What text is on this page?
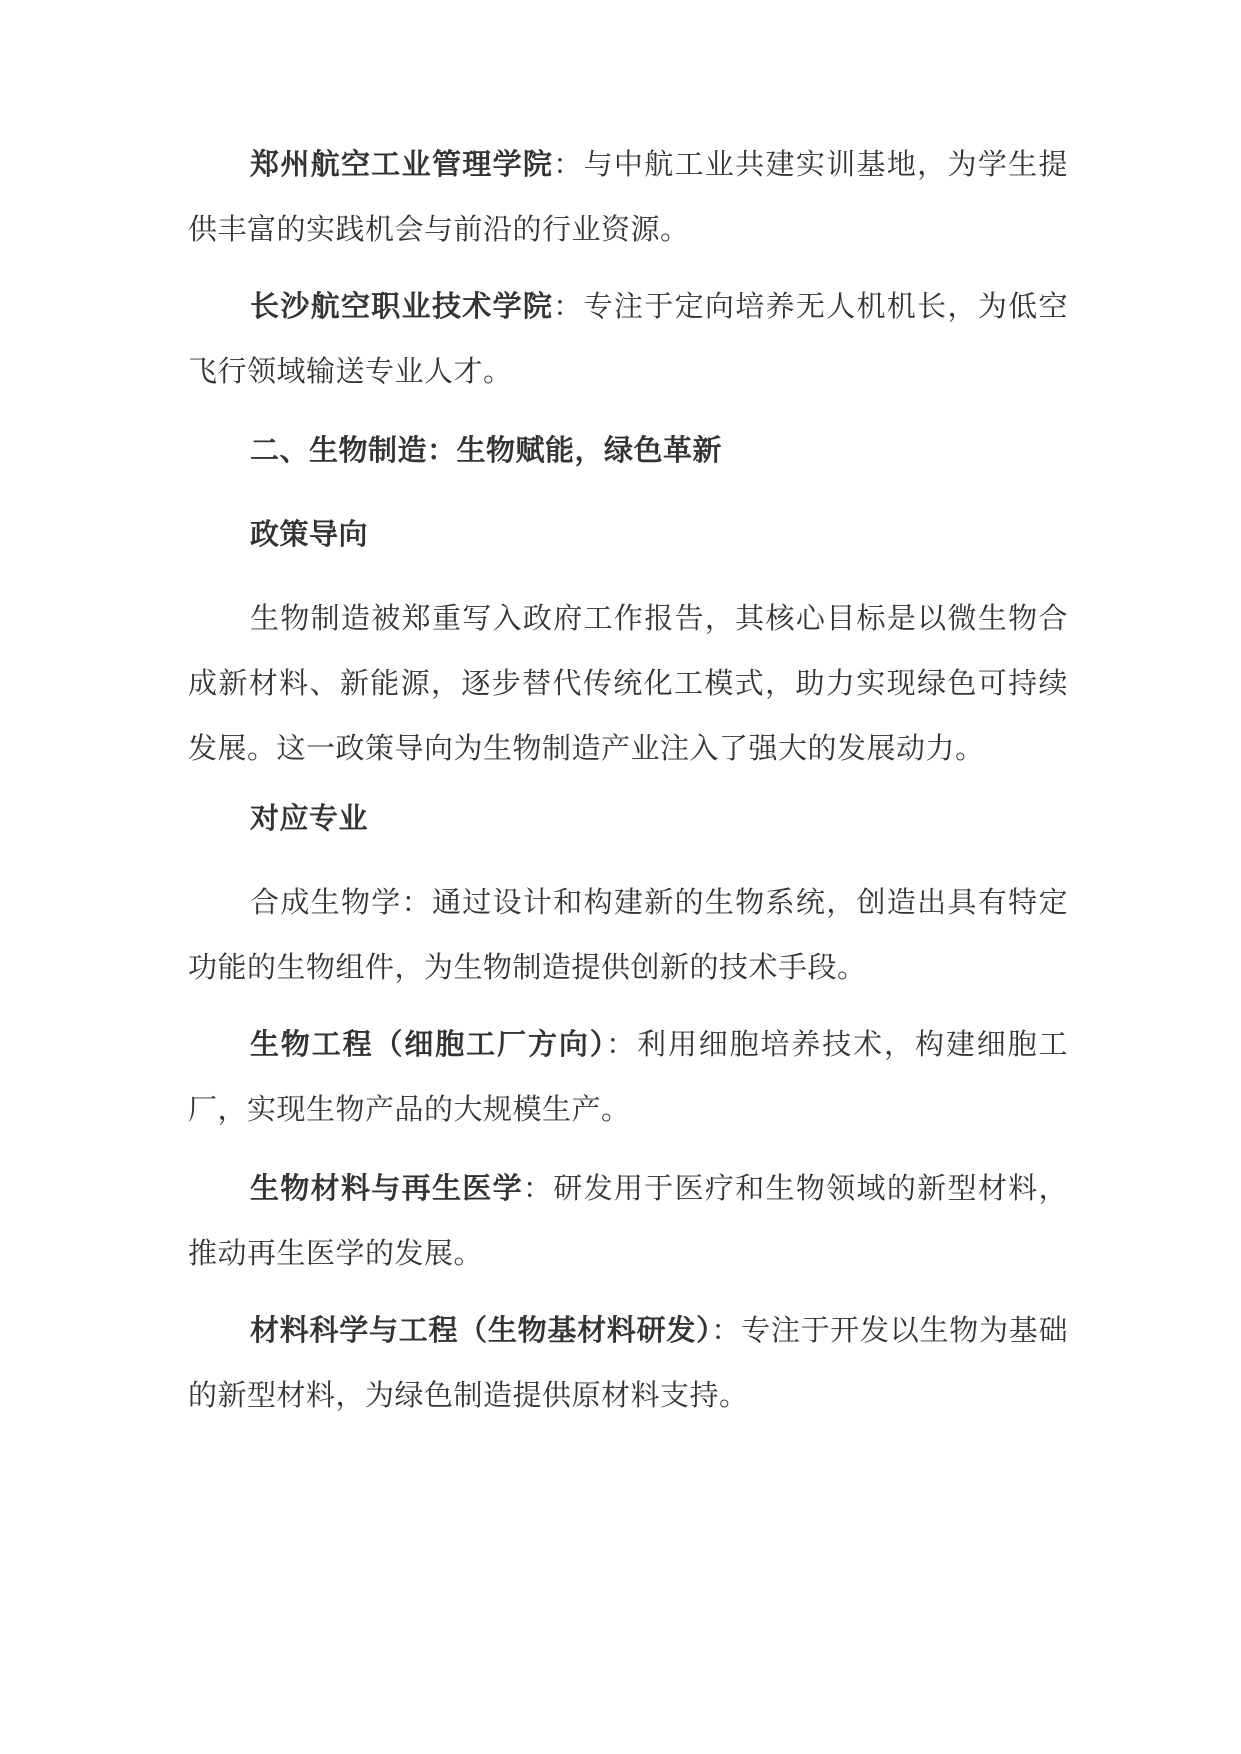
郑州航空工业管理学院：与中航工业共建实训基地，为学生提供丰富的实践机会与前沿的行业资源。

长沙航空职业技术学院：专注于定向培养无人机机长，为低空飞行领域输送专业人才。

二、生物制造：生物赋能，绿色革新

政策导向

生物制造被郑重写入政府工作报告，其核心目标是以微生物合成新材料、新能源，逐步替代传统化工模式，助力实现绿色可持续发展。这一政策导向为生物制造产业注入了强大的发展动力。

对应专业

合成生物学：通过设计和构建新的生物系统，创造出具有特定功能的生物组件，为生物制造提供创新的技术手段。

生物工程（细胞工厂方向）：利用细胞培养技术，构建细胞工厂，实现生物产品的大规模生产。

生物材料与再生医学：研发用于医疗和生物领域的新型材料，推动再生医学的发展。

材料科学与工程（生物基材料研发）：专注于开发以生物为基础的新型材料，为绿色制造提供原材料支持。
